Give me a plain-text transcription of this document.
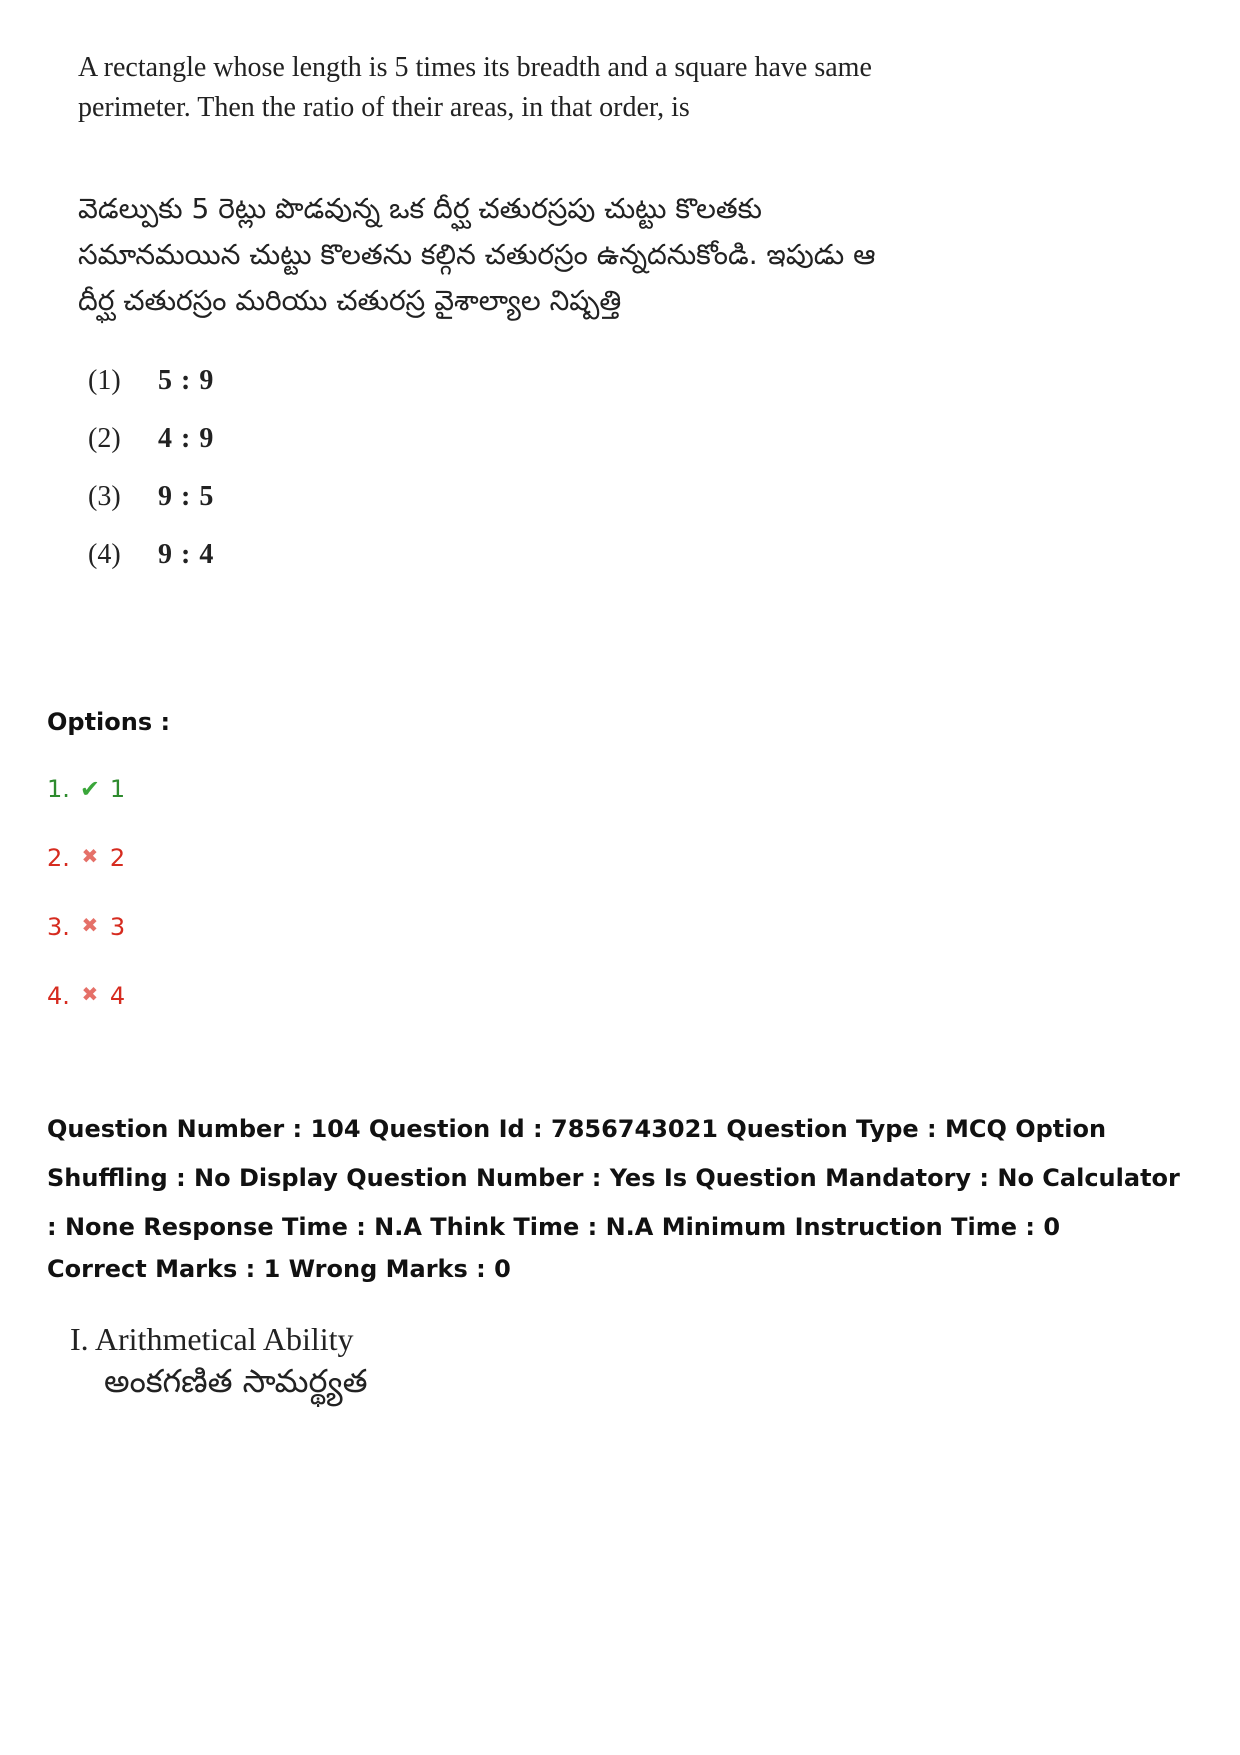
A rectangle whose length is 5 times its breadth and a square have same perimeter. Then the ratio of their areas, in that order, is
వెడల్పుకు 5 రెట్లు పొడవున్న ఒక దీర్ఘ చతురస్రపు చుట్టు కొలతకు సమానమయిన చుట్టు కొలతను కల్గిన చతురస్రం ఉన్నదనుకోండి. ఇపుడు ఆ దీర్ఘ చతురస్రం మరియు చతురస్ర వైశాల్యాల నిష్పత్తి
(1)	5 : 9
(2)	4 : 9
(3)	9 : 5
(4)	9 : 4
Options :
1. ✔ 1
2. ✖ 2
3. ✖ 3
4. ✖ 4
Question Number : 104 Question Id : 7856743021 Question Type : MCQ Option Shuffling : No Display Question Number : Yes Is Question Mandatory : No Calculator : None Response Time : N.A Think Time : N.A Minimum Instruction Time : 0
Correct Marks : 1 Wrong Marks : 0
I. Arithmetical Ability
అంకగణిత సామర్థ్యత
